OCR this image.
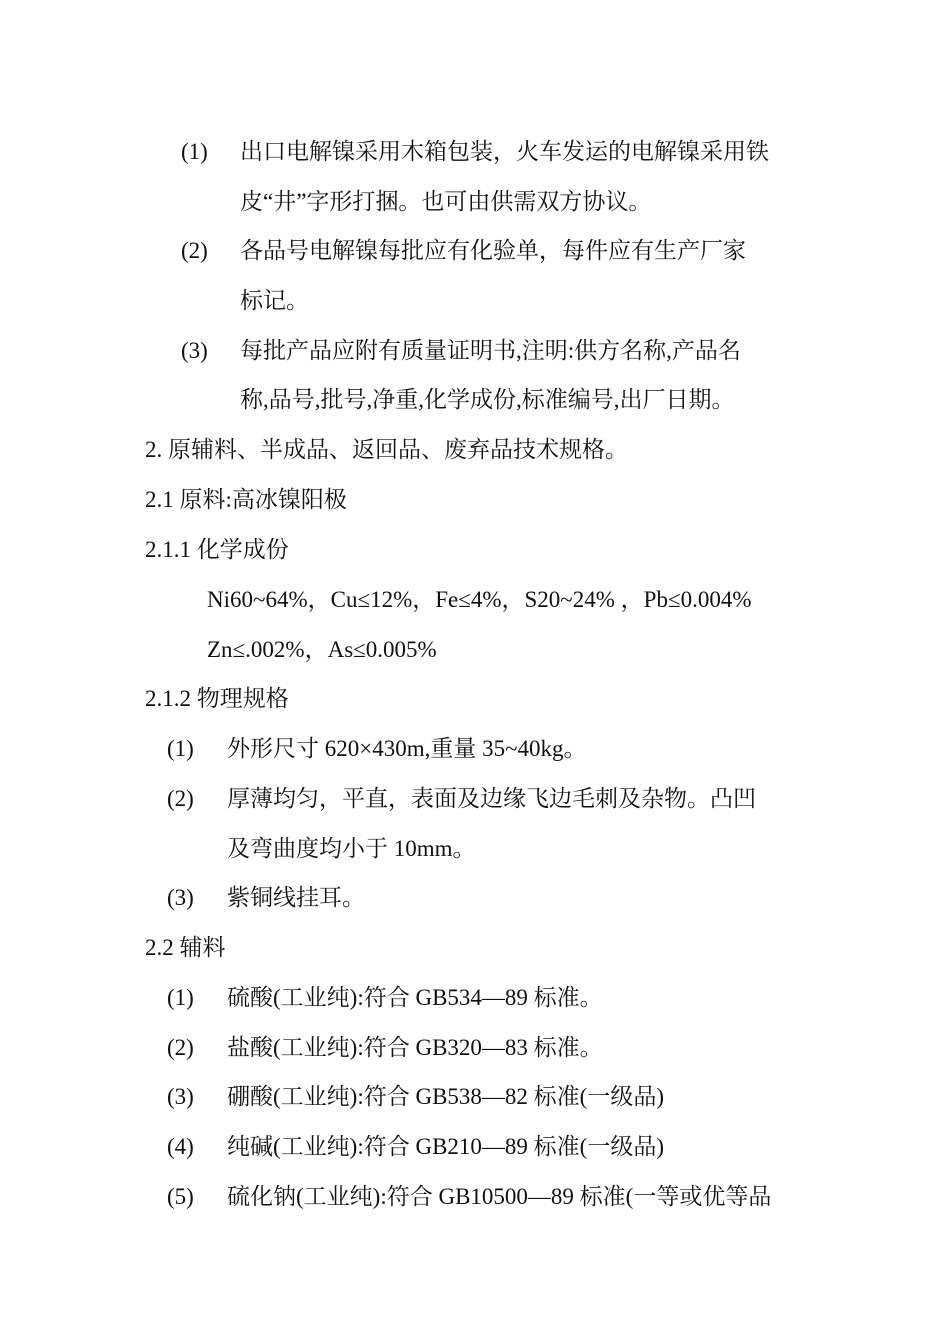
(1) 出口电解镍采用木箱包装，火车发运的电解镍采用铁
皮“井”字形打捆。也可由供需双方协议。
(2) 各品号电解镍每批应有化验单，每件应有生产厂家
标记。
(3) 每批产品应附有质量证明书,注明:供方名称,产品名
称,品号,批号,净重,化学成份,标准编号,出厂日期。
2. 原辅料、半成品、返回品、废弃品技术规格。
2.1 原料:高冰镍阳极
2.1.1 化学成份
Ni60~64%，Cu≤12%，Fe≤4%，S20~24% ，Pb≤0.004%
Zn≤.002%，As≤0.005%
2.1.2 物理规格
(1) 外形尺寸 620×430m,重量 35~40kg。
(2) 厚薄均匀，平直，表面及边缘飞边毛刺及杂物。凸凹
及弯曲度均小于 10mm。
(3) 紫铜线挂耳。
2.2 辅料
(1) 硫酸(工业纯):符合 GB534—89 标准。
(2) 盐酸(工业纯):符合 GB320—83 标准。
(3) 硼酸(工业纯):符合 GB538—82 标准(一级品)
(4) 纯碱(工业纯):符合 GB210—89 标准(一级品)
(5) 硫化钠(工业纯):符合 GB10500—89 标准(一等或优等品
